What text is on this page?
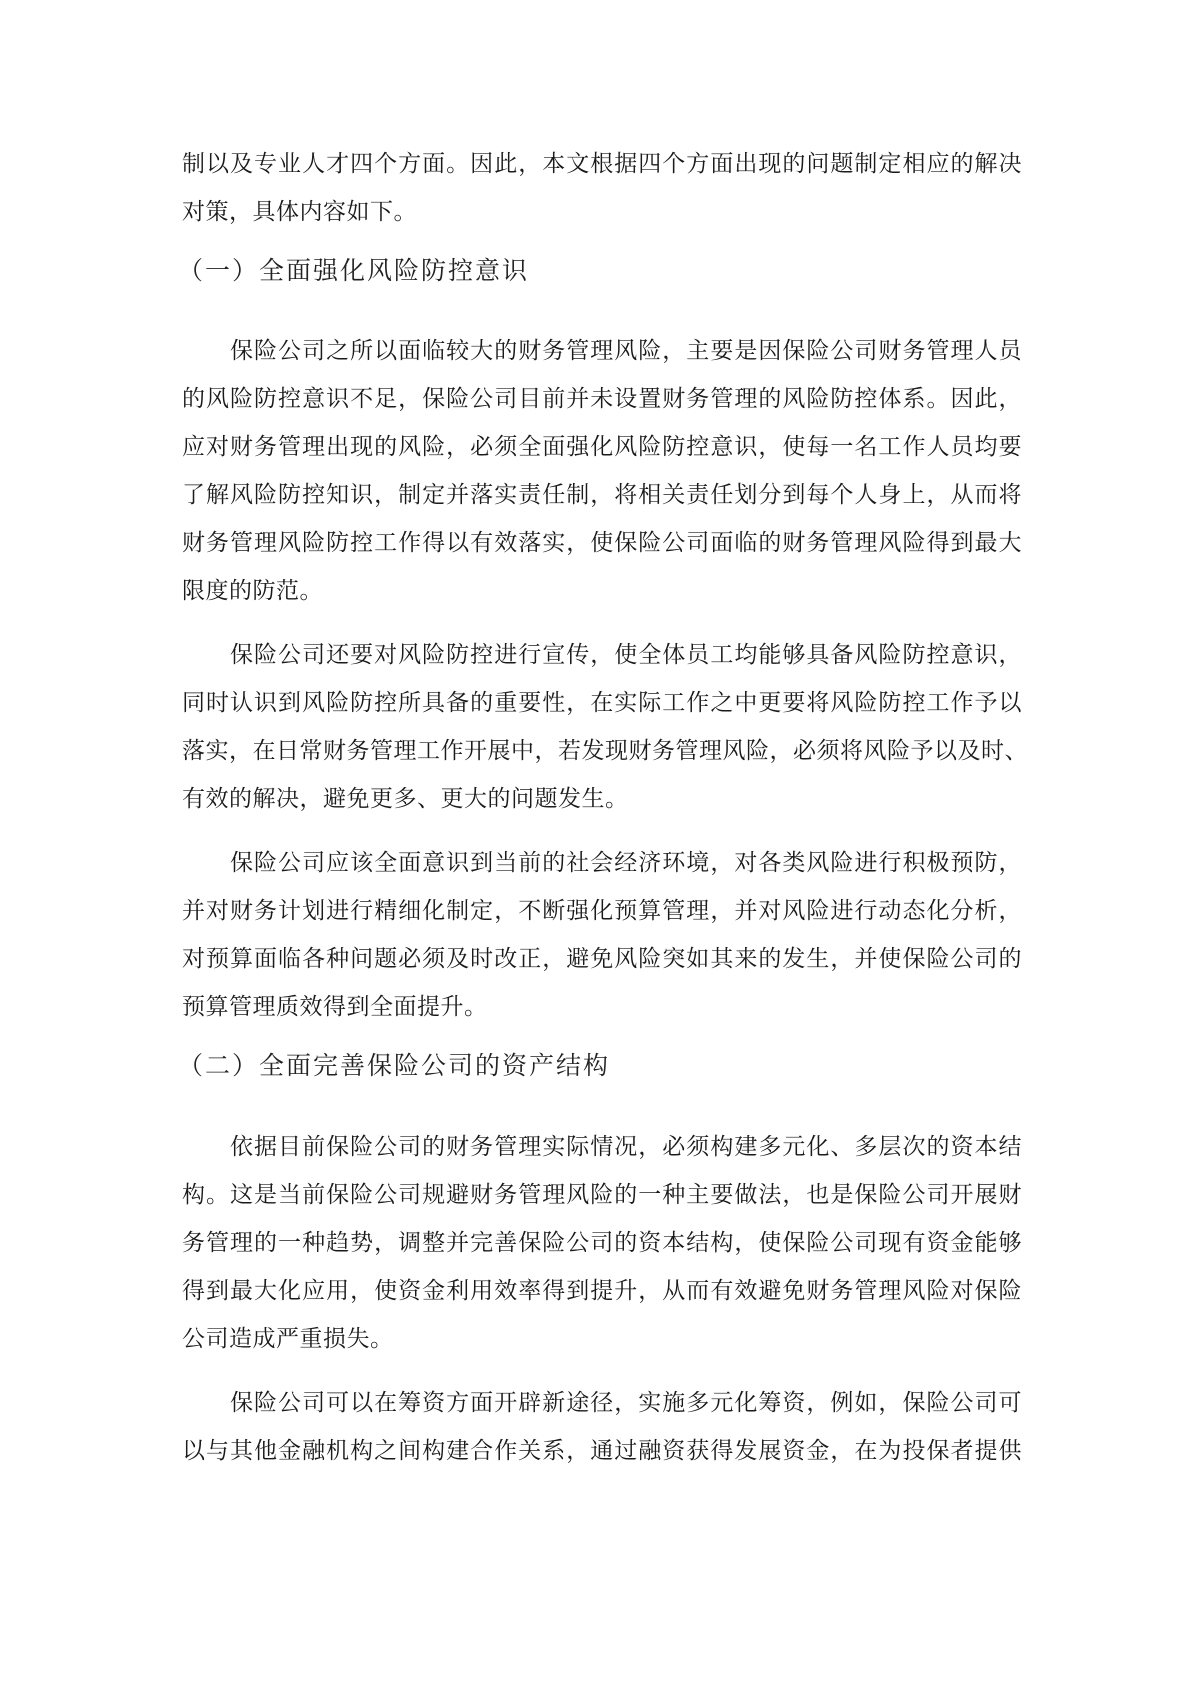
制以及专业人才四个方面。因此，本文根据四个方面出现的问题制定相应的解决
对策，具体内容如下。
（一）全面强化风险防控意识
　　保险公司之所以面临较大的财务管理风险，主要是因保险公司财务管理人员
的风险防控意识不足，保险公司目前并未设置财务管理的风险防控体系。因此，
应对财务管理出现的风险，必须全面强化风险防控意识，使每一名工作人员均要
了解风险防控知识，制定并落实责任制，将相关责任划分到每个人身上，从而将
财务管理风险防控工作得以有效落实，使保险公司面临的财务管理风险得到最大
限度的防范。
　　保险公司还要对风险防控进行宣传，使全体员工均能够具备风险防控意识，
同时认识到风险防控所具备的重要性，在实际工作之中更要将风险防控工作予以
落实，在日常财务管理工作开展中，若发现财务管理风险，必须将风险予以及时、
有效的解决，避免更多、更大的问题发生。
　　保险公司应该全面意识到当前的社会经济环境，对各类风险进行积极预防，
并对财务计划进行精细化制定，不断强化预算管理，并对风险进行动态化分析，
对预算面临各种问题必须及时改正，避免风险突如其来的发生，并使保险公司的
预算管理质效得到全面提升。
（二）全面完善保险公司的资产结构
　　依据目前保险公司的财务管理实际情况，必须构建多元化、多层次的资本结
构。这是当前保险公司规避财务管理风险的一种主要做法，也是保险公司开展财
务管理的一种趋势，调整并完善保险公司的资本结构，使保险公司现有资金能够
得到最大化应用，使资金利用效率得到提升，从而有效避免财务管理风险对保险
公司造成严重损失。
　　保险公司可以在筹资方面开辟新途径，实施多元化筹资，例如，保险公司可
以与其他金融机构之间构建合作关系，通过融资获得发展资金，在为投保者提供
